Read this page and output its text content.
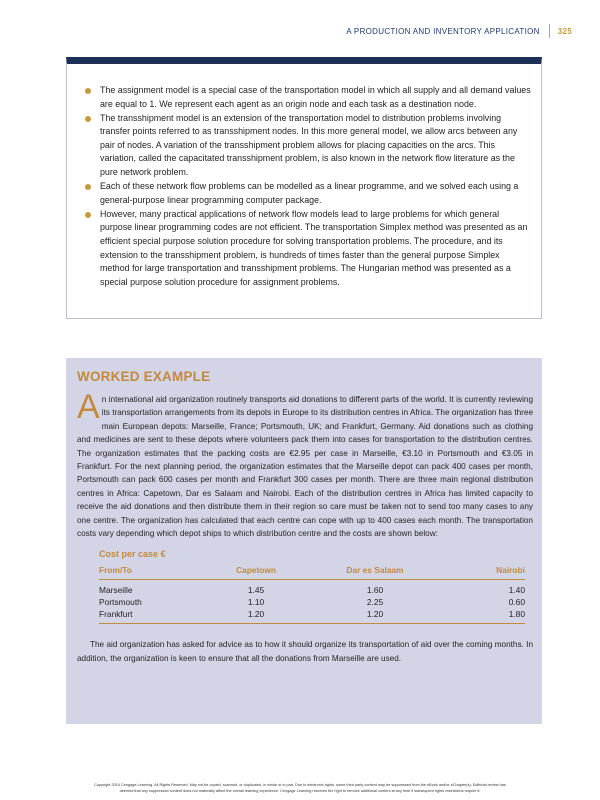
A PRODUCTION AND INVENTORY APPLICATION 325
The assignment model is a special case of the transportation model in which all supply and all demand values are equal to 1. We represent each agent as an origin node and each task as a destination node.
The transshipment model is an extension of the transportation model to distribution problems involving transfer points referred to as transshipment nodes. In this more general model, we allow arcs between any pair of nodes. A variation of the transshipment problem allows for placing capacities on the arcs. This variation, called the capacitated transshipment problem, is also known in the network flow literature as the pure network problem.
Each of these network flow problems can be modelled as a linear programme, and we solved each using a general-purpose linear programming computer package.
However, many practical applications of network flow models lead to large problems for which general purpose linear programming codes are not efficient. The transportation Simplex method was presented as an efficient special purpose solution procedure for solving transportation problems. The procedure, and its extension to the transshipment problem, is hundreds of times faster than the general purpose Simplex method for large transportation and transshipment problems. The Hungarian method was presented as a special purpose solution procedure for assignment problems.
WORKED EXAMPLE

An international aid organization routinely transports aid donations to different parts of the world. It is currently reviewing its transportation arrangements from its depots in Europe to its distribution centres in Africa. The organization has three main European depots: Marseille, France; Portsmouth, UK; and Frankfurt, Germany. Aid donations such as clothing and medicines are sent to these depots where volunteers pack them into cases for transportation to the distribution centres. The organization estimates that the packing costs are €2.95 per case in Marseille, €3.10 in Portsmouth and €3.05 in Frankfurt. For the next planning period, the organization estimates that the Marseille depot can pack 400 cases per month, Portsmouth can pack 600 cases per month and Frankfurt 300 cases per month. There are three main regional distribution centres in Africa: Capetown, Dar es Salaam and Nairobi. Each of the distribution centres in Africa has limited capacity to receive the aid donations and then distribute them in their region so care must be taken not to send too many cases to any one centre. The organization has calculated that each centre can cope with up to 400 cases each month. The transportation costs vary depending which depot ships to which distribution centre and the costs are shown below:

Cost per case €
From/To	Capetown	Dar es Salaam	Nairobi
Marseille	1.45	1.60	1.40
Portsmouth	1.10	2.25	0.60
Frankfurt	1.20	1.20	1.80

The aid organization has asked for advice as to how it should organize its transportation of aid over the coming months. In addition, the organization is keen to ensure that all the donations from Marseille are used.

Copyright 2014 Cengage Learning. All Rights Reserved. May not be copied, scanned, or duplicated, in whole or in part. Due to electronic rights, some third party content may be suppressed from the eBook and/or eChapter(s). Editorial review has
deemed that any suppressed content does not materially affect the overall learning experience. Cengage Learning reserves the right to remove additional content at any time if subsequent rights restrictions require it.
